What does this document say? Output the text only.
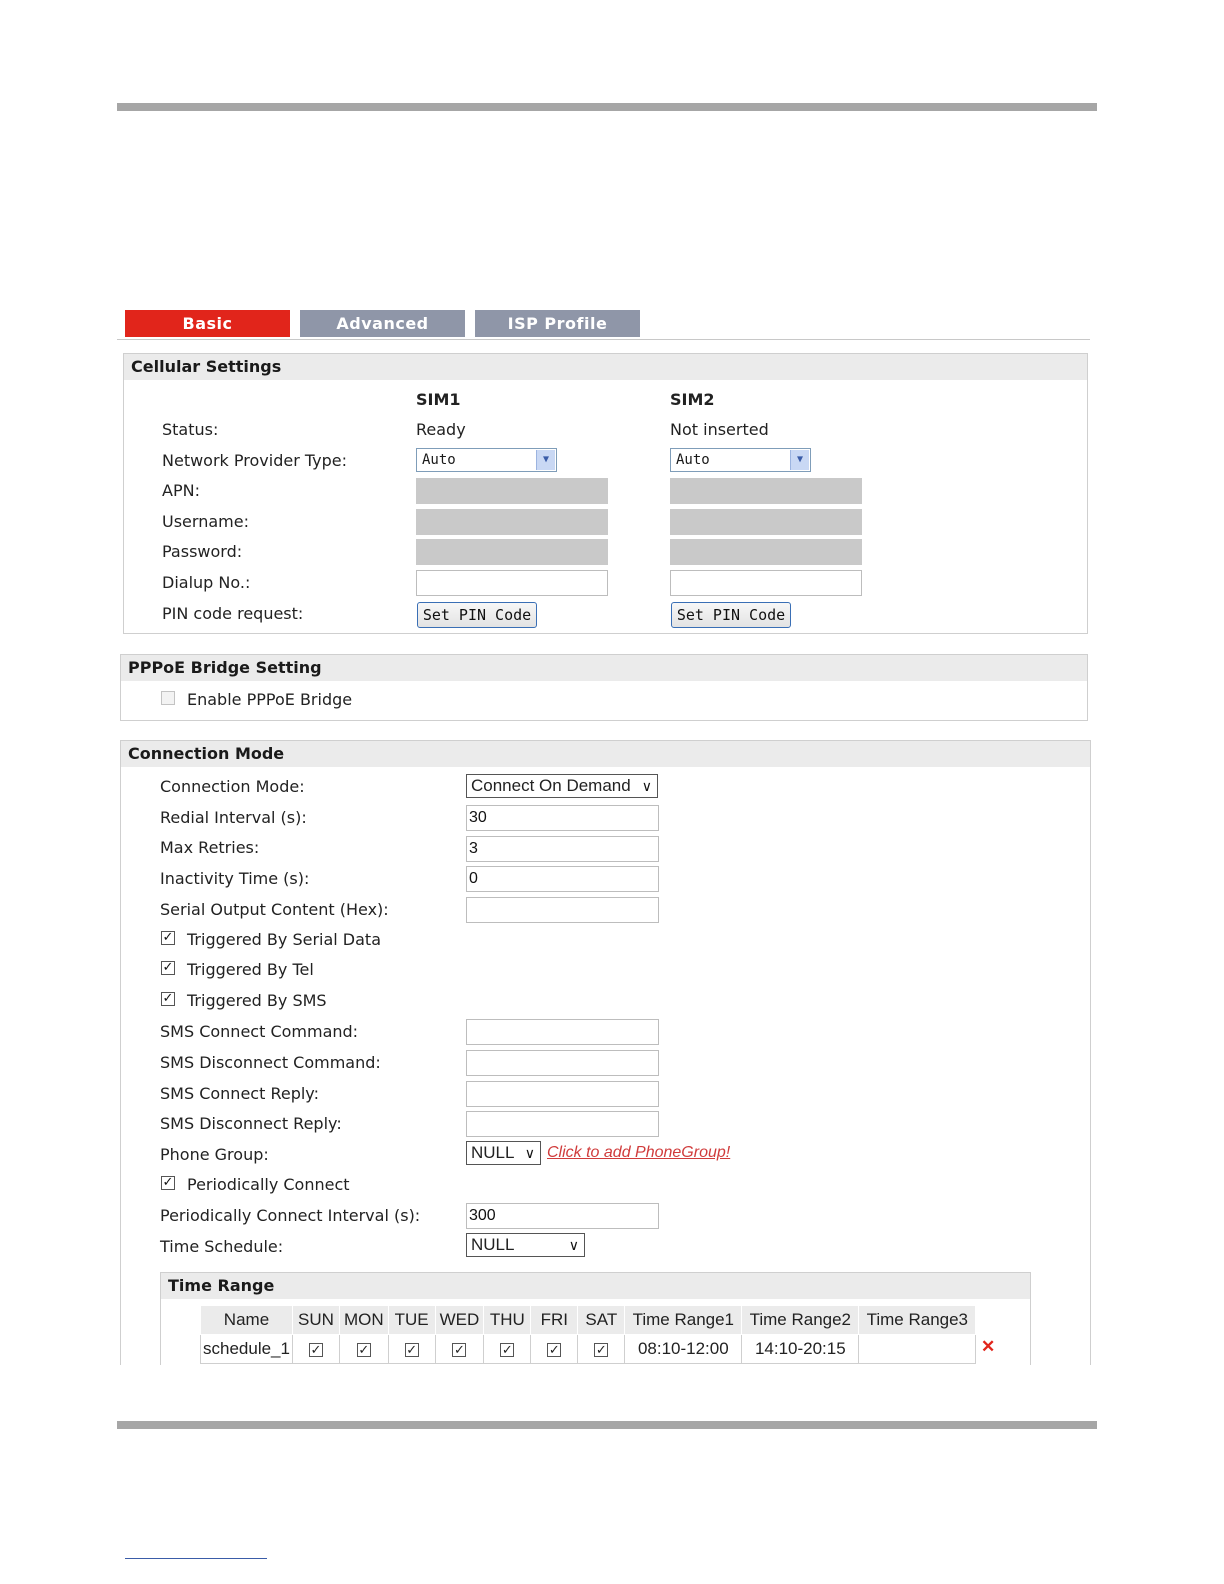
Basic	Advanced	ISP Profile
Cellular Settings
SIM1	SIM2
Status:	Ready	Not inserted
Network Provider Type:	Auto	▼	Auto	▼
APN:
Username:
Password:
Dialup No.:
PIN code request:	Set PIN Code	Set PIN Code
PPPoE Bridge Setting
Enable PPPoE Bridge
Connection Mode
Connection Mode:	Connect On Demand ∨
Redial Interval (s):	30
Max Retries:	3
Inactivity Time (s):	0
Serial Output Content (Hex):
✓ Triggered By Serial Data
✓ Triggered By Tel
✓ Triggered By SMS
SMS Connect Command:
SMS Disconnect Command:
SMS Connect Reply:
SMS Disconnect Reply:
Phone Group:	NULL ∨ Click to add PhoneGroup!
✓ Periodically Connect
Periodically Connect Interval (s):	300
Time Schedule:	NULL	∨
Time Range
Name	SUN	MON	TUE	WED	THU	FRI	SAT	Time Range1	Time Range2	Time Range3
schedule_1	✓	✓	✓	✓	✓	✓	✓	08:10-12:00	14:10-20:15		✕
